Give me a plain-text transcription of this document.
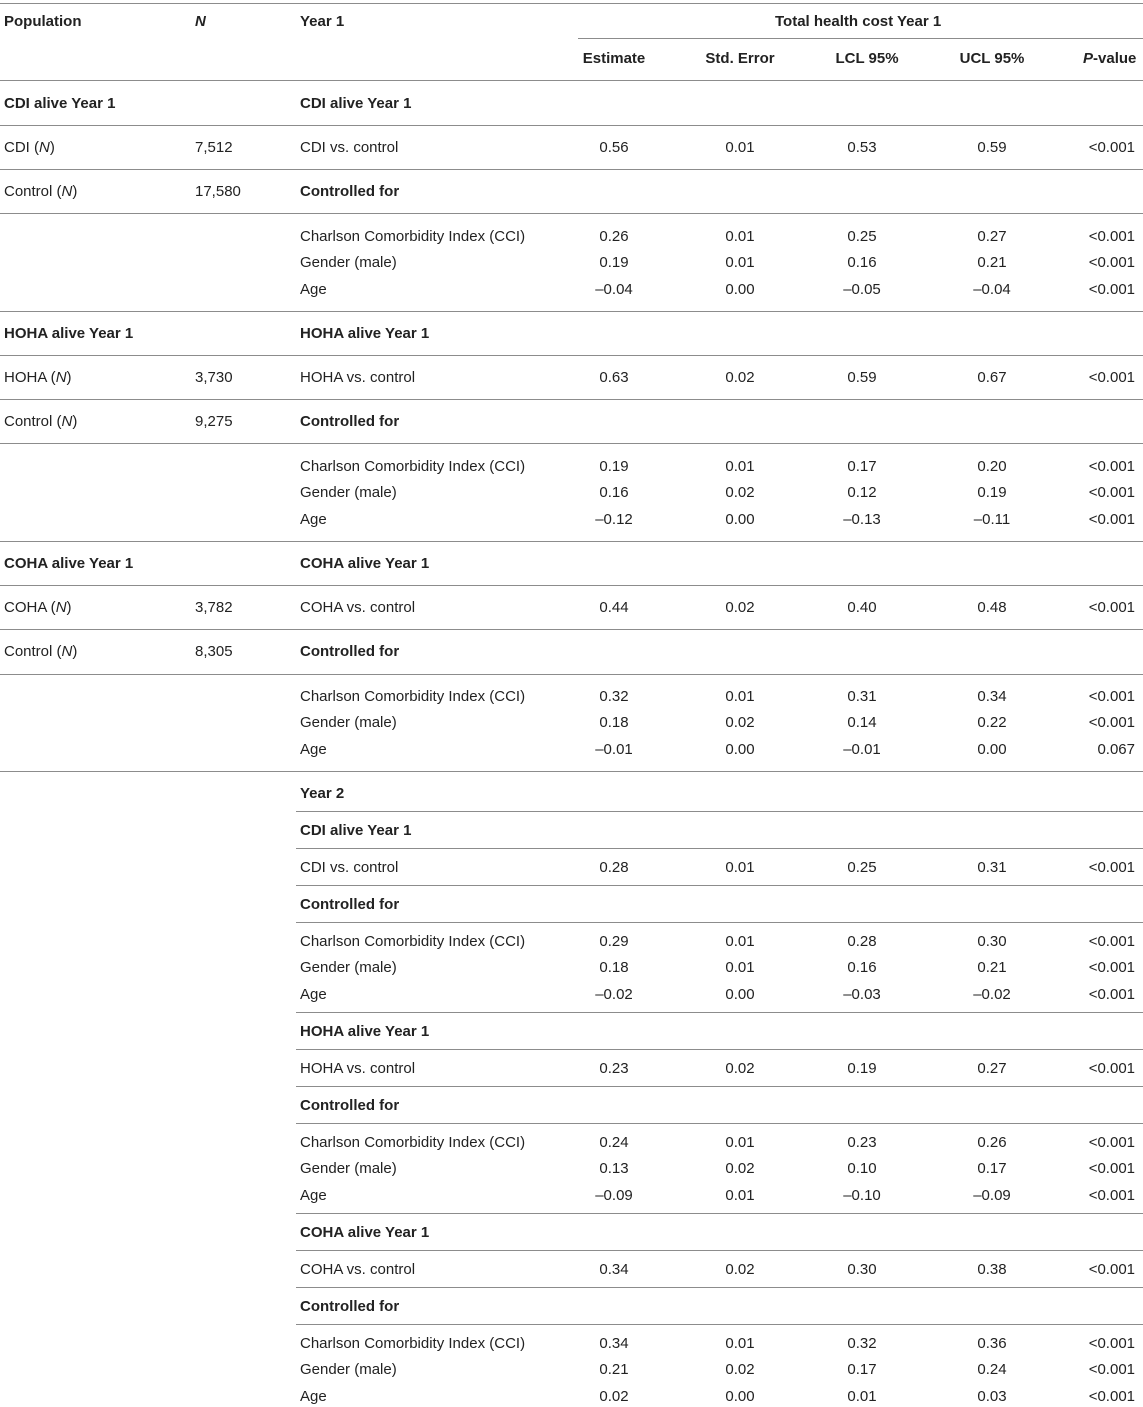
Population	N	Year 1	Total health cost Year 1
Estimate	Std. Error	LCL 95%	UCL 95%	P-value
CDI alive Year 1	CDI alive Year 1
CDI (N)	7,512	CDI vs. control	0.56	0.01	0.53	0.59	<0.001
Control (N)	17,580	Controlled for
Charlson Comorbidity Index (CCI)	0.26	0.01	0.25	0.27	<0.001
Gender (male)	0.19	0.01	0.16	0.21	<0.001
Age	–0.04	0.00	–0.05	–0.04	<0.001
HOHA alive Year 1	HOHA alive Year 1
HOHA (N)	3,730	HOHA vs. control	0.63	0.02	0.59	0.67	<0.001
Control (N)	9,275	Controlled for
Charlson Comorbidity Index (CCI)	0.19	0.01	0.17	0.20	<0.001
Gender (male)	0.16	0.02	0.12	0.19	<0.001
Age	–0.12	0.00	–0.13	–0.11	<0.001
COHA alive Year 1	COHA alive Year 1
COHA (N)	3,782	COHA vs. control	0.44	0.02	0.40	0.48	<0.001
Control (N)	8,305	Controlled for
Charlson Comorbidity Index (CCI)	0.32	0.01	0.31	0.34	<0.001
Gender (male)	0.18	0.02	0.14	0.22	<0.001
Age	–0.01	0.00	–0.01	0.00	0.067
Year 2
CDI alive Year 1
CDI vs. control	0.28	0.01	0.25	0.31	<0.001
Controlled for
Charlson Comorbidity Index (CCI)	0.29	0.01	0.28	0.30	<0.001
Gender (male)	0.18	0.01	0.16	0.21	<0.001
Age	–0.02	0.00	–0.03	–0.02	<0.001
HOHA alive Year 1
HOHA vs. control	0.23	0.02	0.19	0.27	<0.001
Controlled for
Charlson Comorbidity Index (CCI)	0.24	0.01	0.23	0.26	<0.001
Gender (male)	0.13	0.02	0.10	0.17	<0.001
Age	–0.09	0.01	–0.10	–0.09	<0.001
COHA alive Year 1
COHA vs. control	0.34	0.02	0.30	0.38	<0.001
Controlled for
Charlson Comorbidity Index (CCI)	0.34	0.01	0.32	0.36	<0.001
Gender (male)	0.21	0.02	0.17	0.24	<0.001
Age	0.02	0.00	0.01	0.03	<0.001
